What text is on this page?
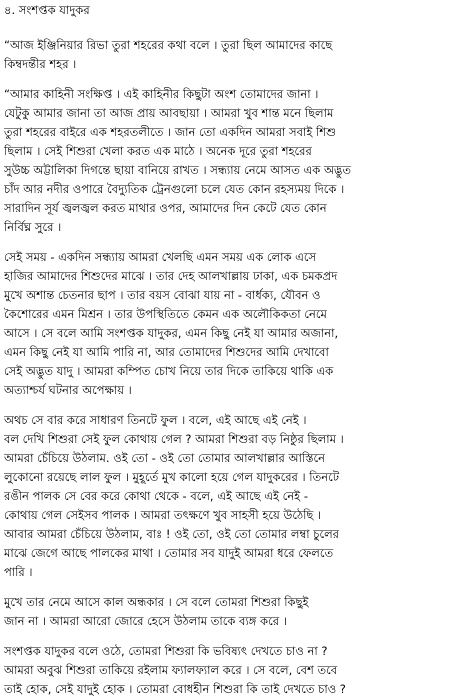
৪. সংশপ্তক যাদুকর
“আজ ইঞ্জিনিয়ার রিভা তুরা শহরের কথা বলে । তুরা ছিল আমাদের কাছে
কিম্বদন্তীর শহর ।
“আমার কাহিনী সংক্ষিপ্ত । এই কাহিনীর কিছুটা অংশ তোমাদের জানা ।
যেটুকু আমার জানা তা আজ প্রায় আবছায়া । আমরা খুব শান্ত মনে ছিলাম
তুরা শহরের বাইরে এক শহরতলীতে । জান তো একদিন আমরা সবাই শিশু
ছিলাম । সেই শিশুরা খেলা করত এক মাঠে । অনেক দূরে তুরা শহরের
সুউচ্চ অট্টালিকা দিগন্তে ছায়া বানিয়ে রাখত । সন্ধ্যায় নেমে আসত এক অদ্ভুত
চাঁদ আর নদীর ওপারে বৈদ্যুতিক ট্রেনগুলো চলে যেত কোন রহস্যময় দিকে ।
সারাদিন সূর্য জ্বলজ্বল করত মাথার ওপর, আমাদের দিন কেটে যেত কোন
নির্বিঘ্ন সুরে ।
সেই সময় - একদিন সন্ধ্যায় আমরা খেলছি এমন সময় এক লোক এসে
হাজির আমাদের শিশুদের মাঝে । তার দেহ আলখাল্লায় ঢাকা, এক চমকপ্রদ
মুখে অশান্ত চেতনার ছাপ । তার বয়স বোঝা যায় না - বার্ধক্য, যৌবন ও
কৈশোরের এমন মিশ্রন । তার উপস্থিতিতে কেমন এক অলৌকিকতা নেমে
আসে । সে বলে আমি সংশপ্তক যাদুকর, এমন কিছু নেই যা আমার অজানা,
এমন কিছু নেই যা আমি পারি না, আর তোমাদের শিশুদের আমি দেখাবো
সেই অদ্ভুত যাদু । আমরা কম্পিত চোখ নিয়ে তার দিকে তাকিয়ে থাকি এক
অত্যাশ্চর্য ঘটনার অপেক্ষায় ।
অথচ সে বার করে সাধারণ তিনটে ফুল । বলে, এই আছে এই নেই ।
বল দেখি শিশুরা সেই ফুল কোথায় গেল ? আমরা শিশুরা বড় নিষ্ঠুর ছিলাম ।
আমরা চেঁচিয়ে উঠলাম. ওই তো - ওই তো তোমার আলখাল্লার আস্তিনে
লুকোনো রয়েছে লাল ফুল । মুহূর্তে মুখ কালো হয়ে গেল যাদুকরের । তিনটে
রঙীন পালক সে বের করে কোথা থেকে - বলে, এই আছে এই নেই -
কোথায় গেল সেইসব পালক । আমরা তৎক্ষণে খুব সাহসী হয়ে উঠেছি ।
আবার আমরা চেঁচিয়ে উঠলাম, বাঃ ! ওই তো, ওই তো তোমার লম্বা চুলের
মাঝে জেগে আছে পালকের মাথা । তোমার সব যাদুই আমরা ধরে ফেলতে
পারি ।
মুখে তার নেমে আসে কাল অন্ধকার । সে বলে তোমরা শিশুরা কিছুই
জান না । আমরা আরো জোরে হেসে উঠলাম তাকে ব্যঙ্গ করে ।
সংশপ্তক যাদুকর বলে ওঠে, তোমরা শিশুরা কি ভবিষ্যৎ দেখতে চাও না ?
আমরা অবুঝ শিশুরা তাকিয়ে রইলাম ফ্যালফ্যাল করে । সে বলে, বেশ তবে
তাই হোক, সেই যাদুই হোক । তোমরা বোধহীন শিশুরা কি তাই দেখতে চাও ?
